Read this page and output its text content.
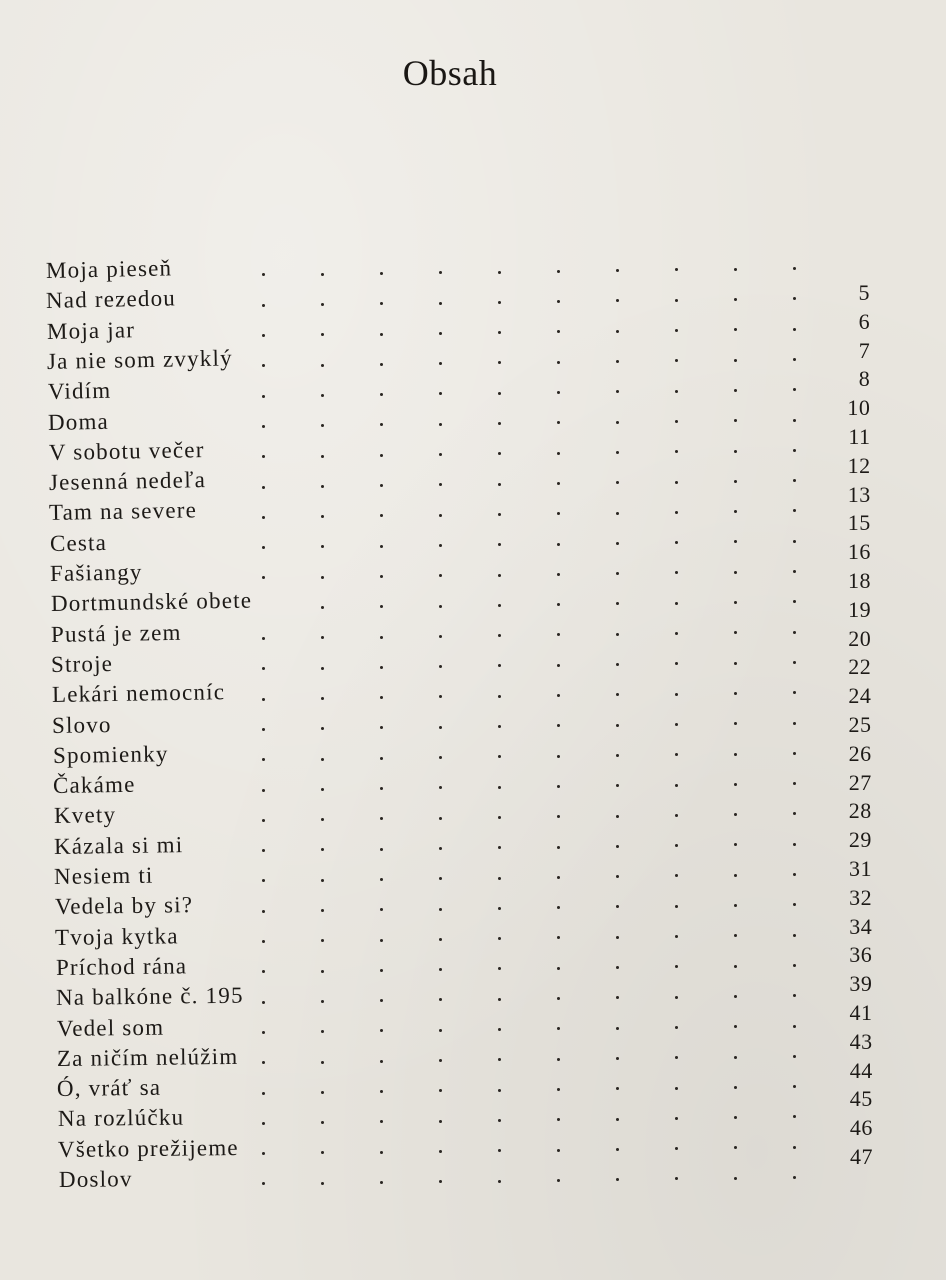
Obsah
Moja pieseň
Nad rezedou
Moja jar
Ja nie som zvyklý
Vidím
Doma
V sobotu večer
Jesenná nedeľa
Tam na severe
Cesta
Fašiangy
Dortmundské obete
Pustá je zem
Stroje
Lekári nemocníc
Slovo
Spomienky
Čakáme
Kvety
Kázala si mi
Nesiem ti
Vedela by si?
Tvoja kytka
Príchod rána
Na balkóne č. 195
Vedel som
Za ničím nelúžim
Ó, vráť sa
Na rozlúčku
Všetko prežijeme
Doslov
5
6
7
8
10
11
12
13
15
16
18
19
20
22
24
25
26
27
28
29
31
32
34
36
39
41
43
44
45
46
47
